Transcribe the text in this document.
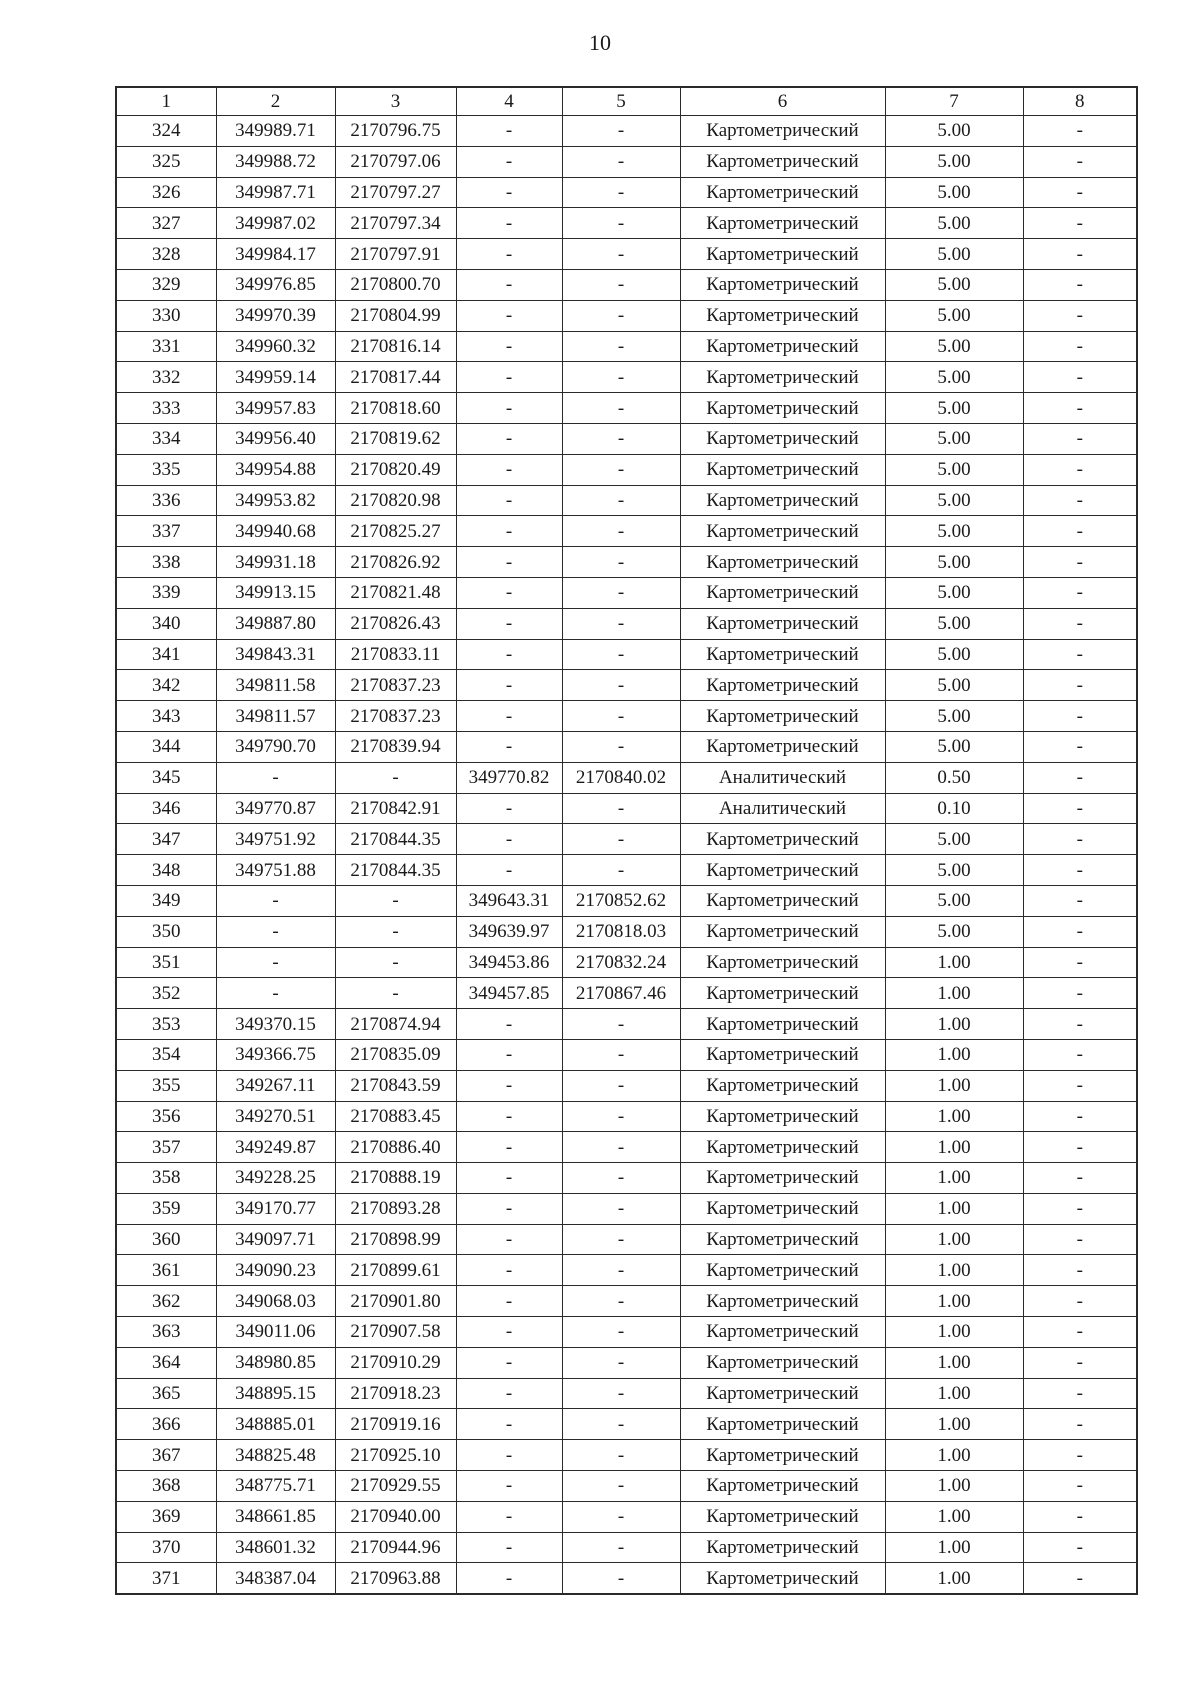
10
1	2	3	4	5	6	7	8
324	349989.71	2170796.75	-	-	Картометрический	5.00	-
325	349988.72	2170797.06	-	-	Картометрический	5.00	-
326	349987.71	2170797.27	-	-	Картометрический	5.00	-
327	349987.02	2170797.34	-	-	Картометрический	5.00	-
328	349984.17	2170797.91	-	-	Картометрический	5.00	-
329	349976.85	2170800.70	-	-	Картометрический	5.00	-
330	349970.39	2170804.99	-	-	Картометрический	5.00	-
331	349960.32	2170816.14	-	-	Картометрический	5.00	-
332	349959.14	2170817.44	-	-	Картометрический	5.00	-
333	349957.83	2170818.60	-	-	Картометрический	5.00	-
334	349956.40	2170819.62	-	-	Картометрический	5.00	-
335	349954.88	2170820.49	-	-	Картометрический	5.00	-
336	349953.82	2170820.98	-	-	Картометрический	5.00	-
337	349940.68	2170825.27	-	-	Картометрический	5.00	-
338	349931.18	2170826.92	-	-	Картометрический	5.00	-
339	349913.15	2170821.48	-	-	Картометрический	5.00	-
340	349887.80	2170826.43	-	-	Картометрический	5.00	-
341	349843.31	2170833.11	-	-	Картометрический	5.00	-
342	349811.58	2170837.23	-	-	Картометрический	5.00	-
343	349811.57	2170837.23	-	-	Картометрический	5.00	-
344	349790.70	2170839.94	-	-	Картометрический	5.00	-
345	-	-	349770.82	2170840.02	Аналитический	0.50	-
346	349770.87	2170842.91	-	-	Аналитический	0.10	-
347	349751.92	2170844.35	-	-	Картометрический	5.00	-
348	349751.88	2170844.35	-	-	Картометрический	5.00	-
349	-	-	349643.31	2170852.62	Картометрический	5.00	-
350	-	-	349639.97	2170818.03	Картометрический	5.00	-
351	-	-	349453.86	2170832.24	Картометрический	1.00	-
352	-	-	349457.85	2170867.46	Картометрический	1.00	-
353	349370.15	2170874.94	-	-	Картометрический	1.00	-
354	349366.75	2170835.09	-	-	Картометрический	1.00	-
355	349267.11	2170843.59	-	-	Картометрический	1.00	-
356	349270.51	2170883.45	-	-	Картометрический	1.00	-
357	349249.87	2170886.40	-	-	Картометрический	1.00	-
358	349228.25	2170888.19	-	-	Картометрический	1.00	-
359	349170.77	2170893.28	-	-	Картометрический	1.00	-
360	349097.71	2170898.99	-	-	Картометрический	1.00	-
361	349090.23	2170899.61	-	-	Картометрический	1.00	-
362	349068.03	2170901.80	-	-	Картометрический	1.00	-
363	349011.06	2170907.58	-	-	Картометрический	1.00	-
364	348980.85	2170910.29	-	-	Картометрический	1.00	-
365	348895.15	2170918.23	-	-	Картометрический	1.00	-
366	348885.01	2170919.16	-	-	Картометрический	1.00	-
367	348825.48	2170925.10	-	-	Картометрический	1.00	-
368	348775.71	2170929.55	-	-	Картометрический	1.00	-
369	348661.85	2170940.00	-	-	Картометрический	1.00	-
370	348601.32	2170944.96	-	-	Картометрический	1.00	-
371	348387.04	2170963.88	-	-	Картометрический	1.00	-
